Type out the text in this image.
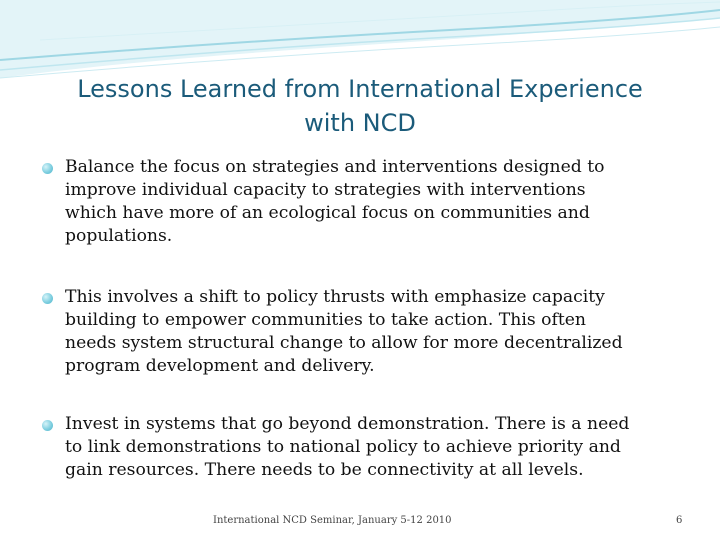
Lessons Learned from International Experience
with NCD
Balance the focus on strategies and interventions designed to
improve individual capacity to strategies with interventions
which have more of an ecological focus on communities and
populations.
This involves a shift to policy thrusts with emphasize capacity
building to empower communities to take action. This often
needs system structural change to allow for more decentralized
program development and delivery.
Invest in systems that go beyond demonstration. There is a need
to link demonstrations to national policy to achieve priority and
gain resources. There needs to be connectivity at all levels.
International NCD Seminar, January 5-12 2010	6
